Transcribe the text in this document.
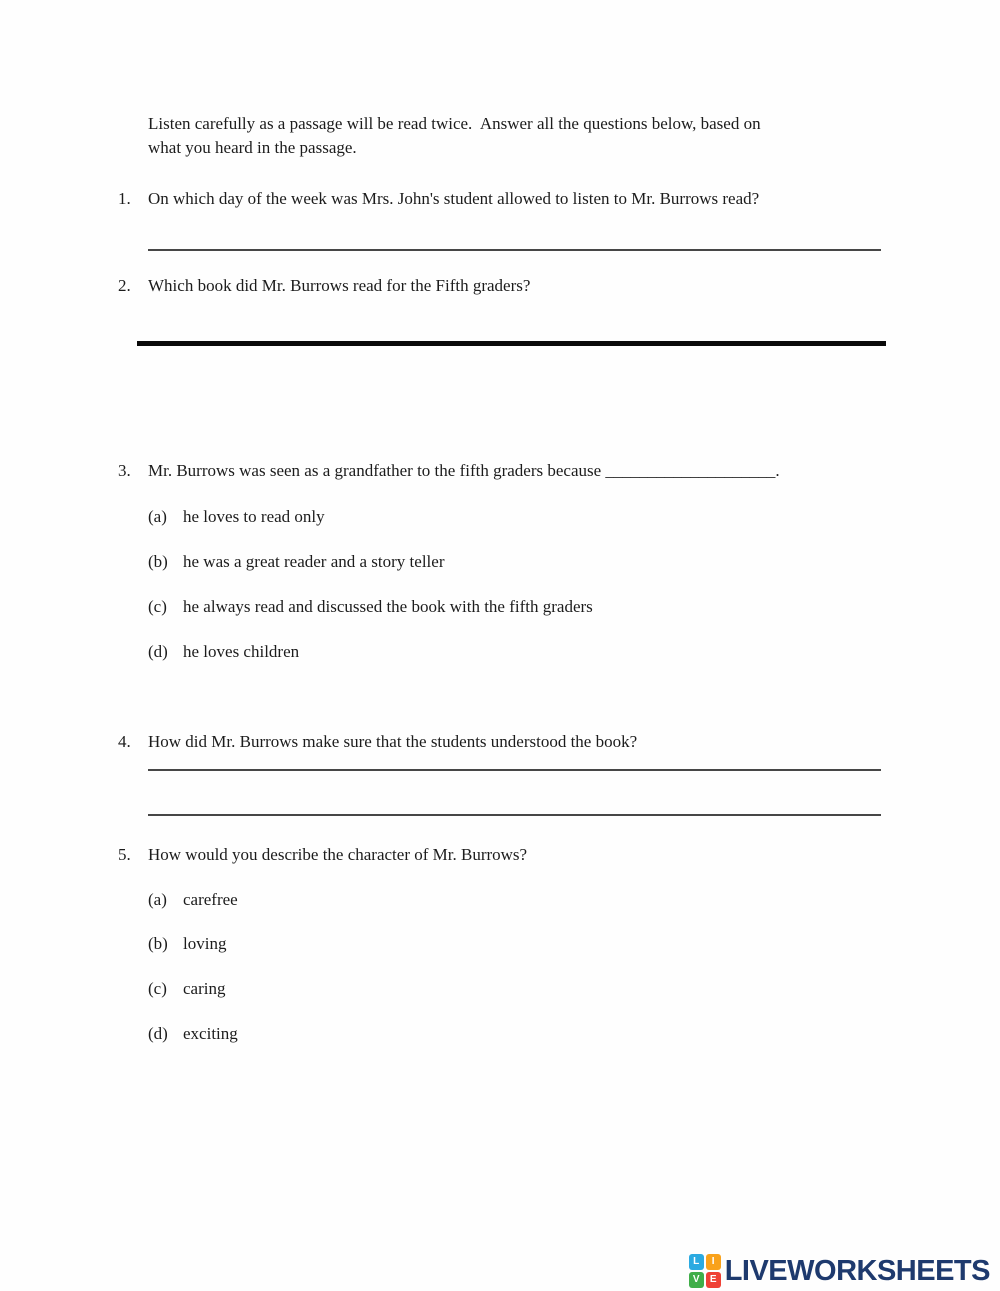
Listen carefully as a passage will be read twice.  Answer all the questions below, based on
what you heard in the passage.
1.	On which day of the week was Mrs. John's student allowed to listen to Mr. Burrows read?
2.	Which book did Mr. Burrows read for the Fifth graders?
3.	Mr. Burrows was seen as a grandfather to the fifth graders because ____________________.
(a) he loves to read only
(b) he was a great reader and a story teller
(c) he always read and discussed the book with the fifth graders
(d) he loves children
4.	How did Mr. Burrows make sure that the students understood the book?
5.	How would you describe the character of Mr. Burrows?
(a) carefree
(b) loving
(c) caring
(d) exciting
L	I
V	E LIVEWORKSHEETS
